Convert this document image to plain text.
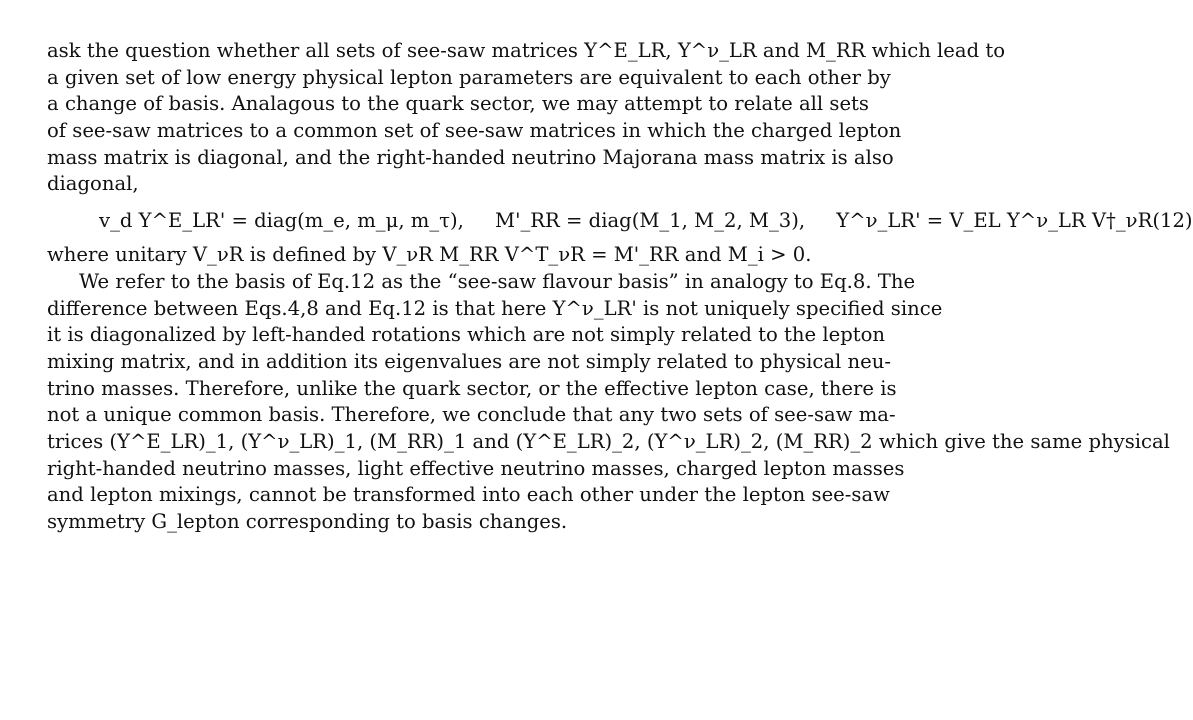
ask the question whether all sets of see-saw matrices Y^E_LR, Y^ν_LR and M_RR which lead to
a given set of low energy physical lepton parameters are equivalent to each other by
a change of basis. Analagous to the quark sector, we may attempt to relate all sets
of see-saw matrices to a common set of see-saw matrices in which the charged lepton
mass matrix is diagonal, and the right-handed neutrino Majorana mass matrix is also
diagonal,
v_d Y^E_LR' = diag(m_e, m_μ, m_τ), M'_RR = diag(M_1, M_2, M_3), Y^ν_LR' = V_EL Y^ν_LR V†_νR (12)
where unitary V_νR is defined by V_νR M_RR V^T_νR = M'_RR and M_i > 0.
We refer to the basis of Eq.12 as the “see-saw flavour basis” in analogy to Eq.8. The
difference between Eqs.4,8 and Eq.12 is that here Y^ν_LR' is not uniquely specified since
it is diagonalized by left-handed rotations which are not simply related to the lepton
mixing matrix, and in addition its eigenvalues are not simply related to physical neu-
trino masses. Therefore, unlike the quark sector, or the effective lepton case, there is
not a unique common basis. Therefore, we conclude that any two sets of see-saw ma-
trices (Y^E_LR)_1, (Y^ν_LR)_1, (M_RR)_1 and (Y^E_LR)_2, (Y^ν_LR)_2, (M_RR)_2 which give the same physical
right-handed neutrino masses, light effective neutrino masses, charged lepton masses
and lepton mixings, cannot be transformed into each other under the lepton see-saw
symmetry G_lepton corresponding to basis changes.
